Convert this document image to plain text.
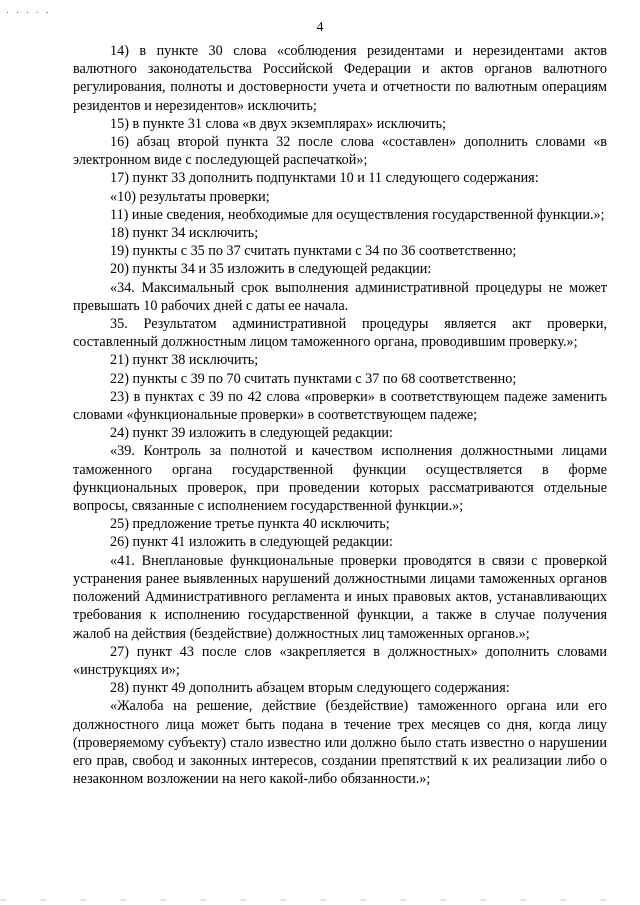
· · · · ·
4

14) в пункте 30 слова «соблюдения резидентами и нерезидентами актов валютного законодательства Российской Федерации и актов органов валютного регулирования, полноты и достоверности учета и отчетности по валютным операциям резидентов и нерезидентов» исключить;

15) в пункте 31 слова «в двух экземплярах» исключить;

16) абзац второй пункта 32 после слова «составлен» дополнить словами «в электронном виде с последующей распечаткой»;

17) пункт 33 дополнить подпунктами 10 и 11 следующего содержания:

«10) результаты проверки;

11) иные сведения, необходимые для осуществления государственной функции.»;

18) пункт 34 исключить;

19) пункты с 35 по 37 считать пунктами с 34 по 36 соответственно;

20) пункты 34 и 35 изложить в следующей редакции:

«34. Максимальный срок выполнения административной процедуры не может превышать 10 рабочих дней с даты ее начала.

35. Результатом административной процедуры является акт проверки, составленный должностным лицом таможенного органа, проводившим проверку.»;

21) пункт 38 исключить;

22) пункты с 39 по 70 считать пунктами с 37 по 68 соответственно;

23) в пунктах с 39 по 42 слова «проверки» в соответствующем падеже заменить словами «функциональные проверки» в соответствующем падеже;

24) пункт 39 изложить в следующей редакции:

«39. Контроль за полнотой и качеством исполнения должностными лицами таможенного органа государственной функции осуществляется в форме функциональных проверок, при проведении которых рассматриваются отдельные вопросы, связанные с исполнением государственной функции.»;

25) предложение третье пункта 40 исключить;

26) пункт 41 изложить в следующей редакции:

«41. Внеплановые функциональные проверки проводятся в связи с проверкой устранения ранее выявленных нарушений должностными лицами таможенных органов положений Административного регламента и иных правовых актов, устанавливающих требования к исполнению государственной функции, а также в случае получения жалоб на действия (бездействие) должностных лиц таможенных органов.»;

27) пункт 43 после слов «закрепляется в должностных» дополнить словами «инструкциях и»;

28) пункт 49 дополнить абзацем вторым следующего содержания:

«Жалоба на решение, действие (бездействие) таможенного органа или его должностного лица может быть подана в течение трех месяцев со дня, когда лицу (проверяемому субъекту) стало известно или должно было стать известно о нарушении его прав, свобод и законных интересов, создании препятствий к их реализации либо о незаконном возложении на него какой-либо обязанности.»;
